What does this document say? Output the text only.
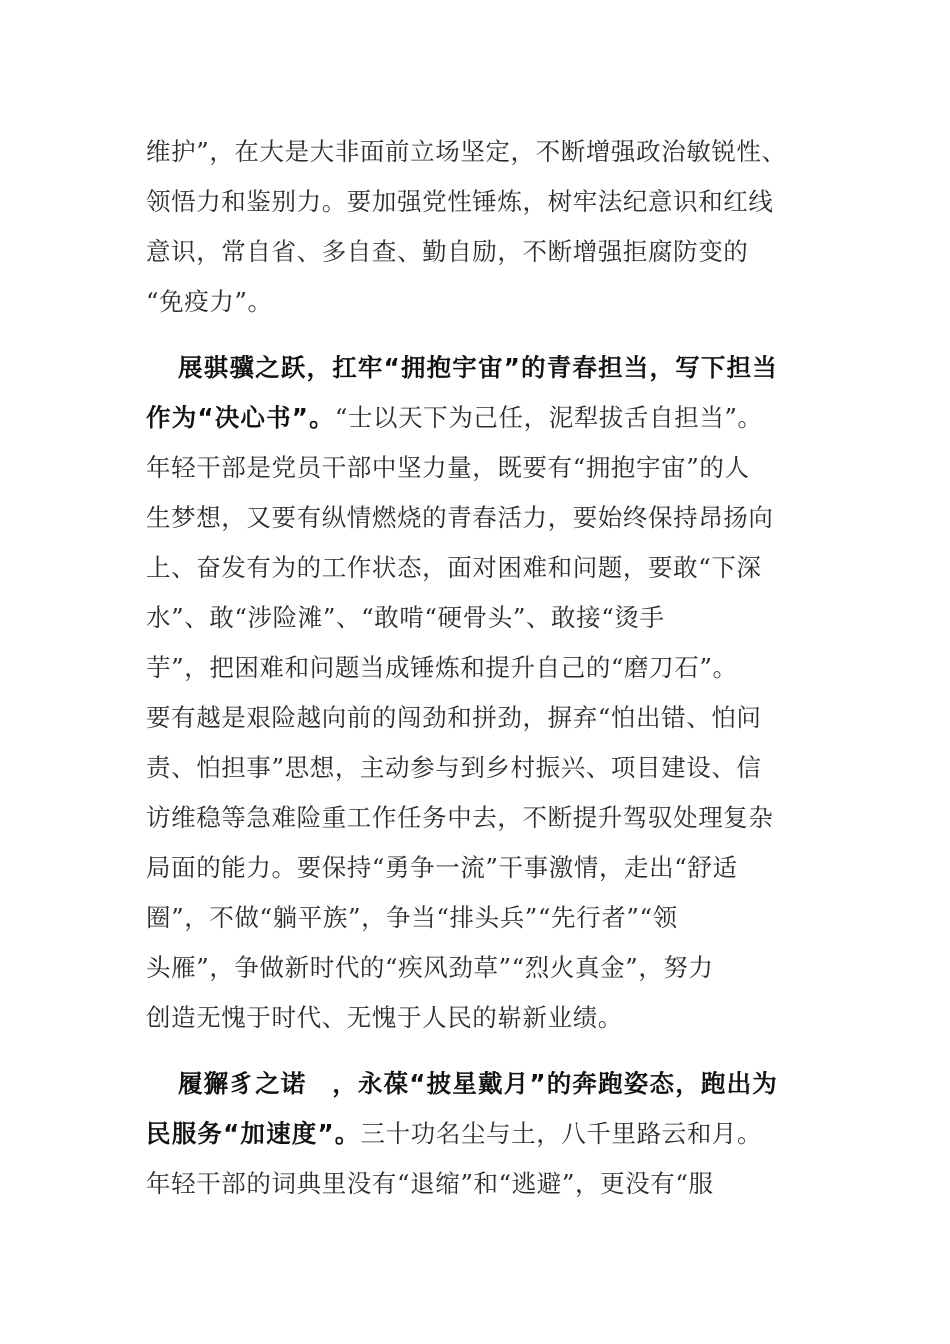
维护”，在大是大非面前立场坚定，不断增强政治敏锐性、
领悟力和鉴别力。要加强党性锤炼，树牢法纪意识和红线
意识，常自省、多自查、勤自励，不断增强拒腐防变的
“免疫力”。
展骐骥之跃，扛牢“拥抱宇宙”的青春担当，写下担当
作为“决心书”。“士以天下为己任，泥犁拔舌自担当”。
年轻干部是党员干部中坚力量，既要有“拥抱宇宙”的人
生梦想，又要有纵情燃烧的青春活力，要始终保持昂扬向
上、奋发有为的工作状态，面对困难和问题，要敢“下深
水”、敢“涉险滩”、“敢啃“硬骨头”、敢接“烫手
芋”，把困难和问题当成锤炼和提升自己的“磨刀石”。
要有越是艰险越向前的闯劲和拼劲，摒弃“怕出错、怕问
责、怕担事”思想，主动参与到乡村振兴、项目建设、信
访维稳等急难险重工作任务中去，不断提升驾驭处理复杂
局面的能力。要保持“勇争一流”干事激情，走出“舒适
圈”，不做“躺平族”，争当“排头兵”“先行者”“领
头雁”，争做新时代的“疾风劲草”“烈火真金”，努力
创造无愧于时代、无愧于人民的崭新业绩。
履獬豸之诺　，永葆“披星戴月”的奔跑姿态，跑出为
民服务“加速度”。三十功名尘与土，八千里路云和月。
年轻干部的词典里没有“退缩”和“逃避”，更没有“服
